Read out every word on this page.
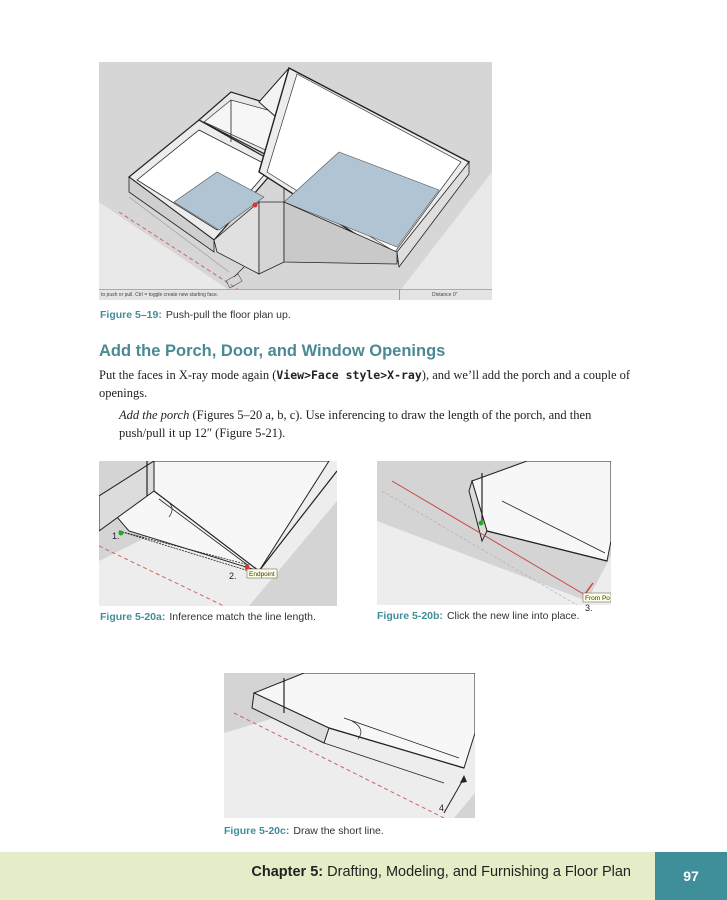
to push or pull. Ctrl = toggle create new starting face.	Distance 0"
Figure 5–19: Push-pull the floor plan up.
Add the Porch, Door, and Window Openings
Put the faces in X-ray mode again (View>Face style>X-ray), and we’ll add the porch and a couple of openings.
Add the porch (Figures 5–20 a, b, c). Use inferencing to draw the length of the porch, and then push/pull it up 12″ (Figure 5-21).
1.
2. Endpoint
Figure 5-20a: Inference match the line length.
From Po
3.
Figure 5-20b: Click the new line into place.
4.
Figure 5-20c: Draw the short line.
Chapter 5: Drafting, Modeling, and Furnishing a Floor Plan	97
